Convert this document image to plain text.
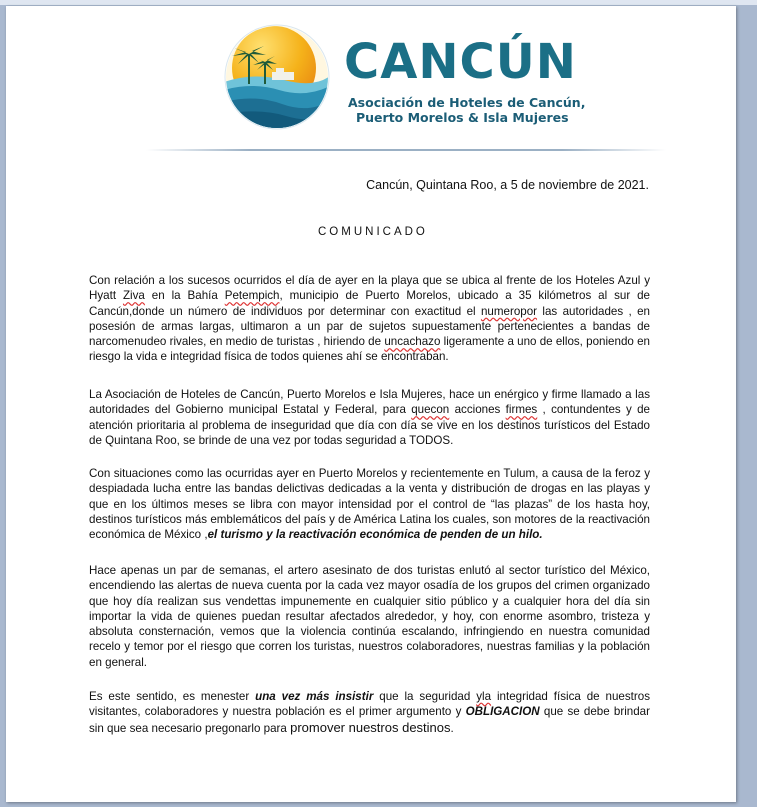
CANCÚN
Asociación de Hoteles de Cancún,
Puerto Morelos & Isla Mujeres
Cancún, Quintana Roo, a 5 de noviembre de 2021.
COMUNICADO

Con relación a los sucesos ocurridos el día de ayer en la playa que se ubica al frente de los Hoteles Azul y Hyatt Ziva en la Bahía Petempich, municipio de Puerto Morelos, ubicado a 35 kilómetros al sur de Cancún,donde un número de individuos por determinar con exactitud el numeropor las autoridades , en posesión de armas largas, ultimaron a un par de sujetos supuestamente pertenecientes a bandas de narcomenudeo rivales, en medio de turistas , hiriendo de uncachazo ligeramente a uno de ellos, poniendo en riesgo la vida e integridad física de todos quienes ahí se encontraban.

La Asociación de Hoteles de Cancún, Puerto Morelos e Isla Mujeres, hace un enérgico y firme llamado a las autoridades del Gobierno municipal Estatal y Federal, para quecon acciones firmes , contundentes y de atención prioritaria al problema de inseguridad que día con día se vive en los destinos turísticos del Estado de Quintana Roo, se brinde de una vez por todas seguridad a TODOS.

Con situaciones como las ocurridas ayer en Puerto Morelos y recientemente en Tulum, a causa de la feroz y despiadada lucha entre las bandas delictivas dedicadas a la venta y distribución de drogas en las playas y que en los últimos meses se libra con mayor intensidad por el control de “las plazas” de los hasta hoy, destinos turísticos más emblemáticos del país y de América Latina los cuales, son motores de la reactivación económica de México ,el turismo y la reactivación económica de penden de un hilo.

Hace apenas un par de semanas, el artero asesinato de dos turistas enlutó al sector turístico del México, encendiendo las alertas de nueva cuenta por la cada vez mayor osadía de los grupos del crimen organizado que hoy día realizan sus vendettas impunemente en cualquier sitio público y a cualquier hora del día sin importar la vida de quienes puedan resultar afectados alrededor, y hoy, con enorme asombro, tristeza y absoluta consternación, vemos que la violencia continúa escalando, infringiendo en nuestra comunidad recelo y temor por el riesgo que corren los turistas, nuestros colaboradores, nuestras familias y la población en general.

Es este sentido, es menester una vez más insistir que la seguridad yla integridad física de nuestros visitantes, colaboradores y nuestra población es el primer argumento y OBLIGACION que se debe brindar sin que sea necesario pregonarlo para promover nuestros destinos.
